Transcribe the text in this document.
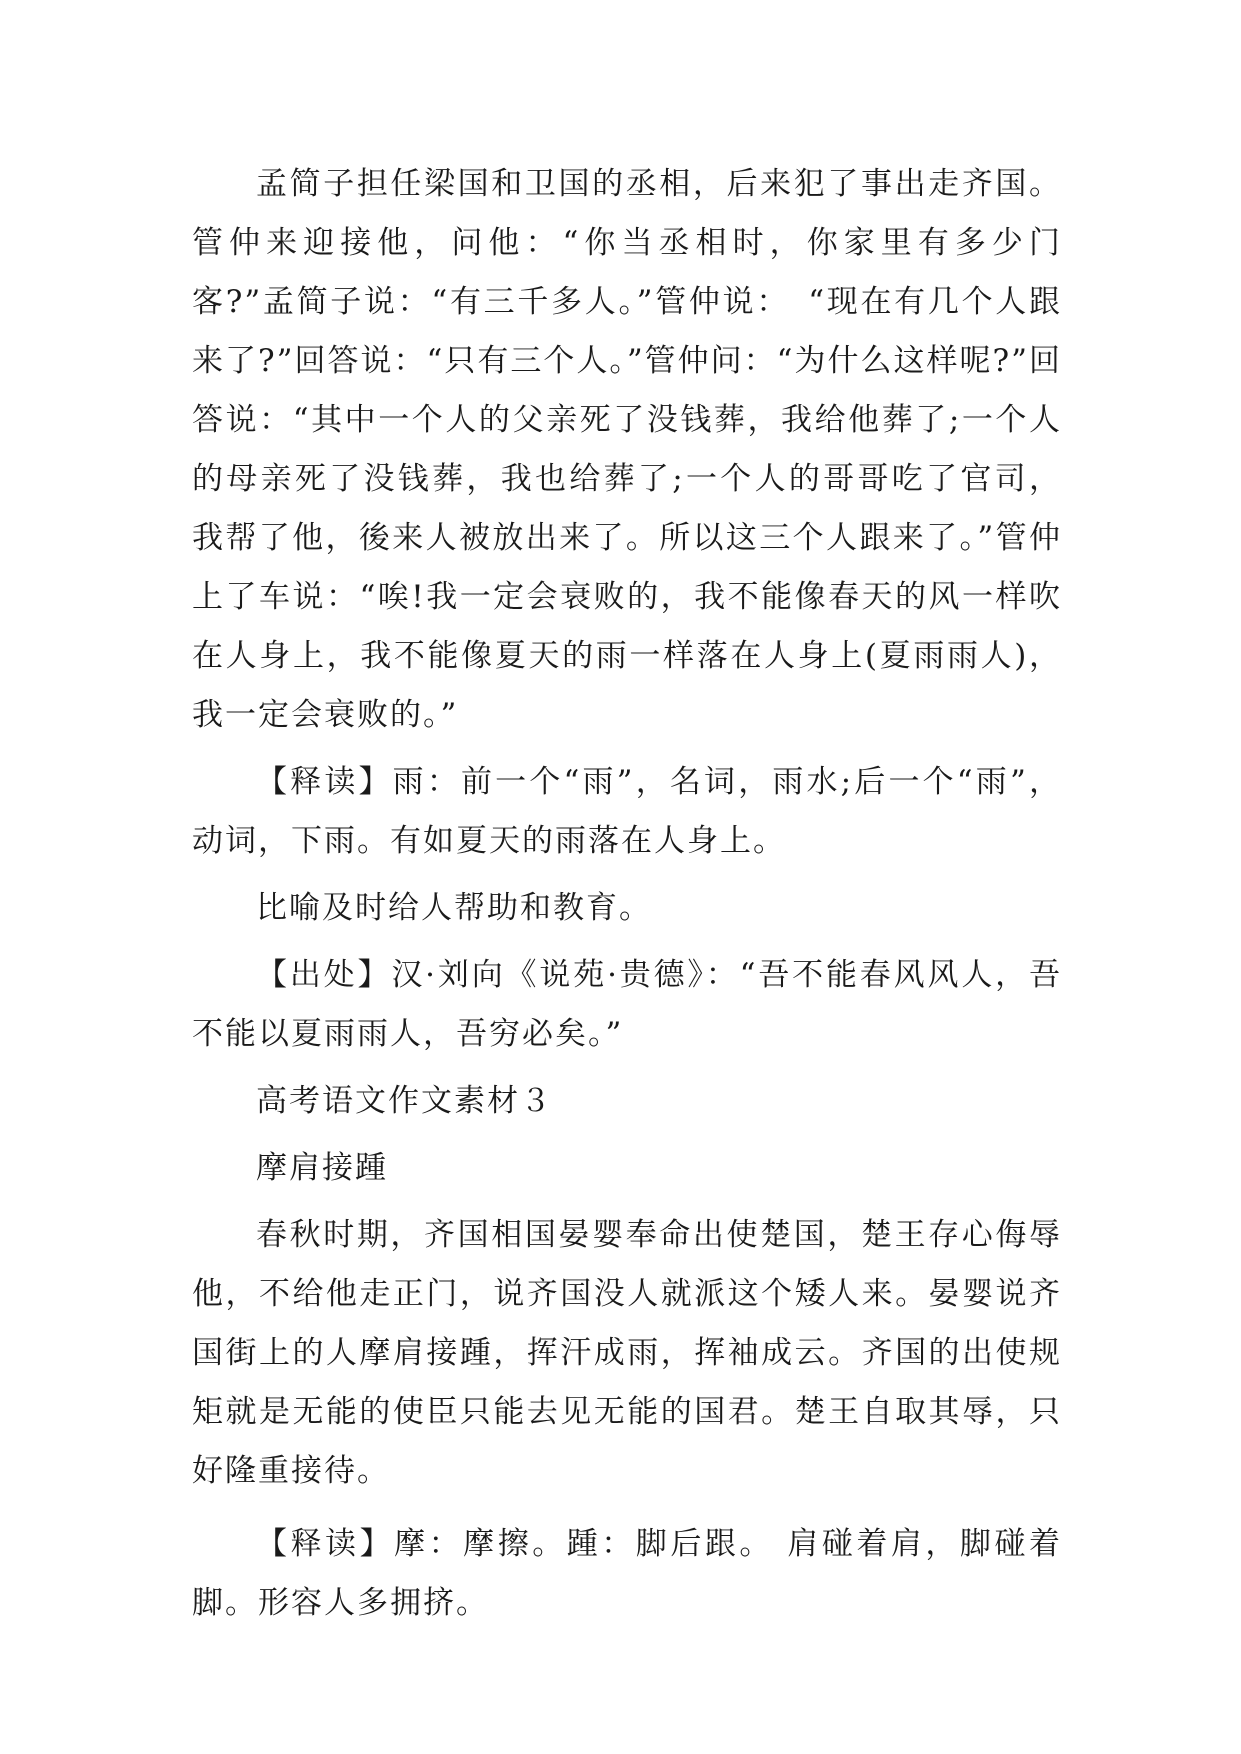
孟简子担任梁国和卫国的丞相，后来犯了事出走齐国。管仲来迎接他，问他：“你当丞相时，你家里有多少门客?”孟简子说：“有三千多人。”管仲说：　“现在有几个人跟来了?”回答说：“只有三个人。”管仲问：“为什么这样呢?”回答说：“其中一个人的父亲死了没钱葬，我给他葬了;一个人的母亲死了没钱葬，我也给葬了;一个人的哥哥吃了官司，我帮了他，後来人被放出来了。所以这三个人跟来了。”管仲上了车说：“唉!我一定会衰败的，我不能像春天的风一样吹在人身上，我不能像夏天的雨一样落在人身上(夏雨雨人)，我一定会衰败的。”

【释读】雨：前一个“雨”，名词，雨水;后一个“雨”，动词，下雨。有如夏天的雨落在人身上。

比喻及时给人帮助和教育。

【出处】汉·刘向《说苑·贵德》：“吾不能春风风人，吾不能以夏雨雨人，吾穷必矣。”

高考语文作文素材３

摩肩接踵

春秋时期，齐国相国晏婴奉命出使楚国，楚王存心侮辱他，不给他走正门，说齐国没人就派这个矮人来。晏婴说齐国街上的人摩肩接踵，挥汗成雨，挥袖成云。齐国的出使规矩就是无能的使臣只能去见无能的国君。楚王自取其辱，只好隆重接待。

【释读】摩：摩擦。踵：脚后跟。 肩碰着肩，脚碰着脚。形容人多拥挤。
